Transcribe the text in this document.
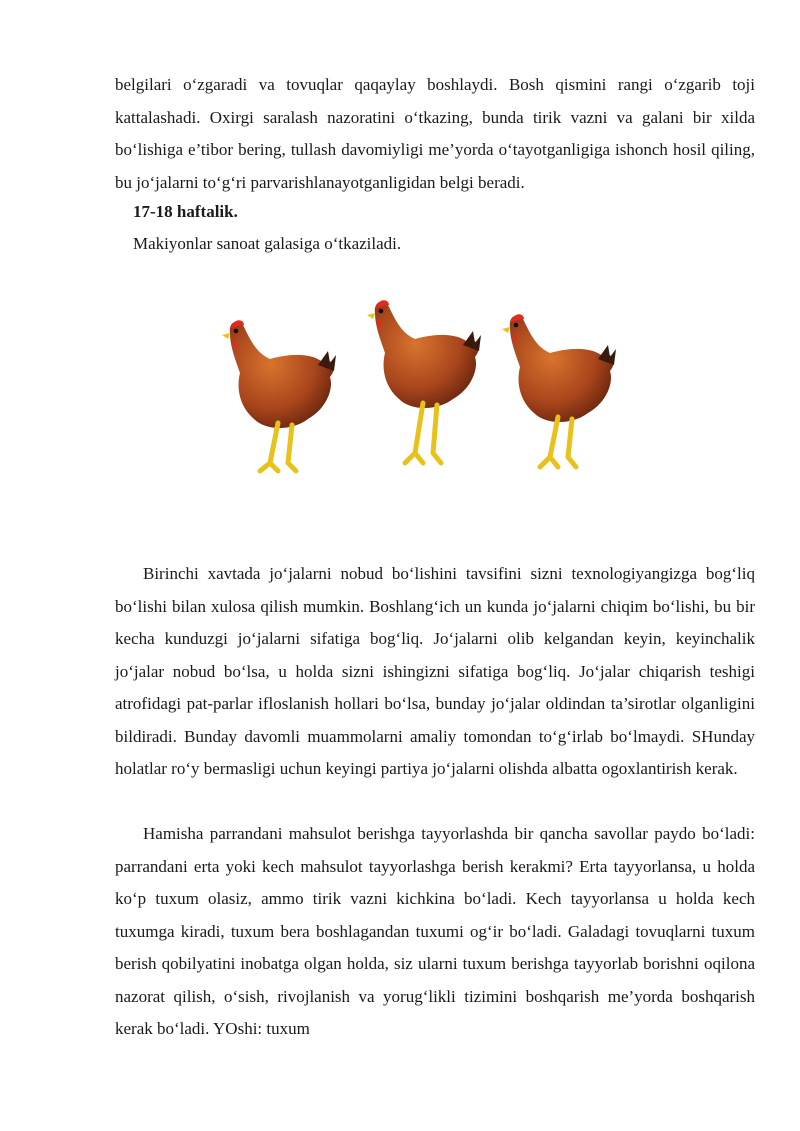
belgilari o‘zgaradi va tovuqlar qaqaylay boshlaydi. Bosh qismini rangi o‘zgarib toji kattalashadi. Oxirgi saralash nazoratini o‘tkazing, bunda tirik vazni va galani bir xilda bo‘lishiga e’tibor bering, tullash davomiyligi me’yorda o‘tayotganligiga ishonch hosil qiling, bu jo‘jalarni to‘g‘ri parvarishlanayotganligidan belgi beradi.

17-18 haftalik.

Makiyonlar sanoat galasiga o‘tkaziladi.

Birinchi xavtada jo‘jalarni nobud bo‘lishini tavsifini sizni texnologiyangizga bog‘liq bo‘lishi bilan xulosa qilish mumkin. Boshlang‘ich un kunda jo‘jalarni chiqim bo‘lishi, bu bir kecha kunduzgi jo‘jalarni sifatiga bog‘liq. Jo‘jalarni olib kelgandan keyin, keyinchalik jo‘jalar nobud bo‘lsa, u holda sizni ishingizni sifatiga bog‘liq. Jo‘jalar chiqarish teshigi atrofidagi pat-parlar ifloslanish hollari bo‘lsa, bunday jo‘jalar oldindan ta’sirotlar olganligini bildiradi. Bunday davomli muammolarni amaliy tomondan to‘g‘irlab bo‘lmaydi. SHunday holatlar ro‘y bermasligi uchun keyingi partiya jo‘jalarni olishda albatta ogoxlantirish kerak.

Hamisha parrandani mahsulot berishga tayyorlashda bir qancha savollar paydo bo‘ladi: parrandani erta yoki kech mahsulot tayyorlashga berish kerakmi? Erta tayyorlansa, u holda ko‘p tuxum olasiz, ammo tirik vazni kichkina bo‘ladi. Kech tayyorlansa u holda kech tuxumga kiradi, tuxum bera boshlagandan tuxumi og‘ir bo‘ladi. Galadagi tovuqlarni tuxum berish qobilyatini inobatga olgan holda, siz ularni tuxum berishga tayyorlab borishni oqilona nazorat qilish, o‘sish, rivojlanish va yorug‘likli tizimini boshqarish me’yorda boshqarish kerak bo‘ladi. YOshi: tuxum
